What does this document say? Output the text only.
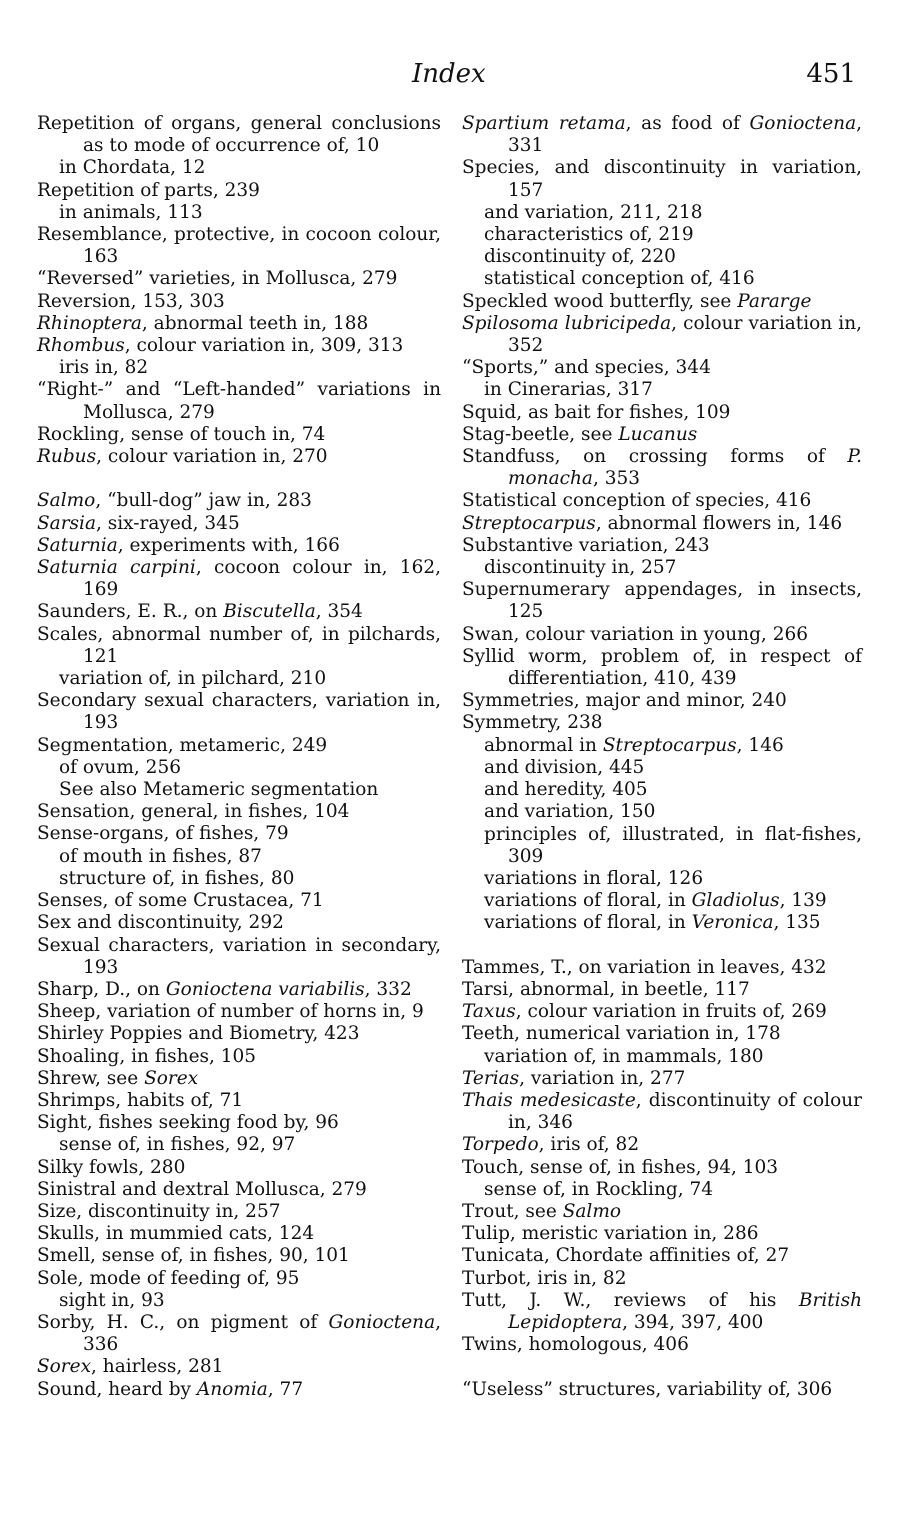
Index	451

Repetition of organs, general conclusions as to mode of occurrence of, 10

in Chordata, 12

Repetition of parts, 239

in animals, 113

Resemblance, protective, in cocoon colour, 163

“Reversed” varieties, in Mollusca, 279

Reversion, 153, 303

Rhinoptera, abnormal teeth in, 188

Rhombus, colour variation in, 309, 313

iris in, 82

“Right-” and “Left-handed” variations in Mollusca, 279

Rockling, sense of touch in, 74

Rubus, colour variation in, 270

Salmo, “bull-dog” jaw in, 283

Sarsia, six-rayed, 345

Saturnia, experiments with, 166

Saturnia carpini, cocoon colour in, 162, 169

Saunders, E. R., on Biscutella, 354

Scales, abnormal number of, in pilchards, 121

variation of, in pilchard, 210

Secondary sexual characters, variation in, 193

Segmentation, metameric, 249

of ovum, 256

See also Metameric segmentation

Sensation, general, in fishes, 104

Sense-organs, of fishes, 79

of mouth in fishes, 87

structure of, in fishes, 80

Senses, of some Crustacea, 71

Sex and discontinuity, 292

Sexual characters, variation in secondary, 193

Sharp, D., on Gonioctena variabilis, 332

Sheep, variation of number of horns in, 9

Shirley Poppies and Biometry, 423

Shoaling, in fishes, 105

Shrew, see Sorex

Shrimps, habits of, 71

Sight, fishes seeking food by, 96

sense of, in fishes, 92, 97

Silky fowls, 280

Sinistral and dextral Mollusca, 279

Size, discontinuity in, 257

Skulls, in mummied cats, 124

Smell, sense of, in fishes, 90, 101

Sole, mode of feeding of, 95

sight in, 93

Sorby, H. C., on pigment of Gonioctena, 336

Sorex, hairless, 281

Sound, heard by Anomia, 77

Spartium retama, as food of Gonioctena, 331

Species, and discontinuity in variation, 157

and variation, 211, 218

characteristics of, 219

discontinuity of, 220

statistical conception of, 416

Speckled wood butterfly, see Pararge

Spilosoma lubricipeda, colour variation in, 352

“Sports,” and species, 344

in Cinerarias, 317

Squid, as bait for fishes, 109

Stag-beetle, see Lucanus

Standfuss, on crossing forms of P. monacha, 353

Statistical conception of species, 416

Streptocarpus, abnormal flowers in, 146

Substantive variation, 243

discontinuity in, 257

Supernumerary appendages, in insects, 125

Swan, colour variation in young, 266

Syllid worm, problem of, in respect of differentiation, 410, 439

Symmetries, major and minor, 240

Symmetry, 238

abnormal in Streptocarpus, 146

and division, 445

and heredity, 405

and variation, 150

principles of, illustrated, in flat-fishes, 309

variations in floral, 126

variations of floral, in Gladiolus, 139

variations of floral, in Veronica, 135

Tammes, T., on variation in leaves, 432

Tarsi, abnormal, in beetle, 117

Taxus, colour variation in fruits of, 269

Teeth, numerical variation in, 178

variation of, in mammals, 180

Terias, variation in, 277

Thais medesicaste, discontinuity of colour in, 346

Torpedo, iris of, 82

Touch, sense of, in fishes, 94, 103

sense of, in Rockling, 74

Trout, see Salmo

Tulip, meristic variation in, 286

Tunicata, Chordate affinities of, 27

Turbot, iris in, 82

Tutt, J. W., reviews of his British Lepidoptera, 394, 397, 400

Twins, homologous, 406

“Useless” structures, variability of, 306
